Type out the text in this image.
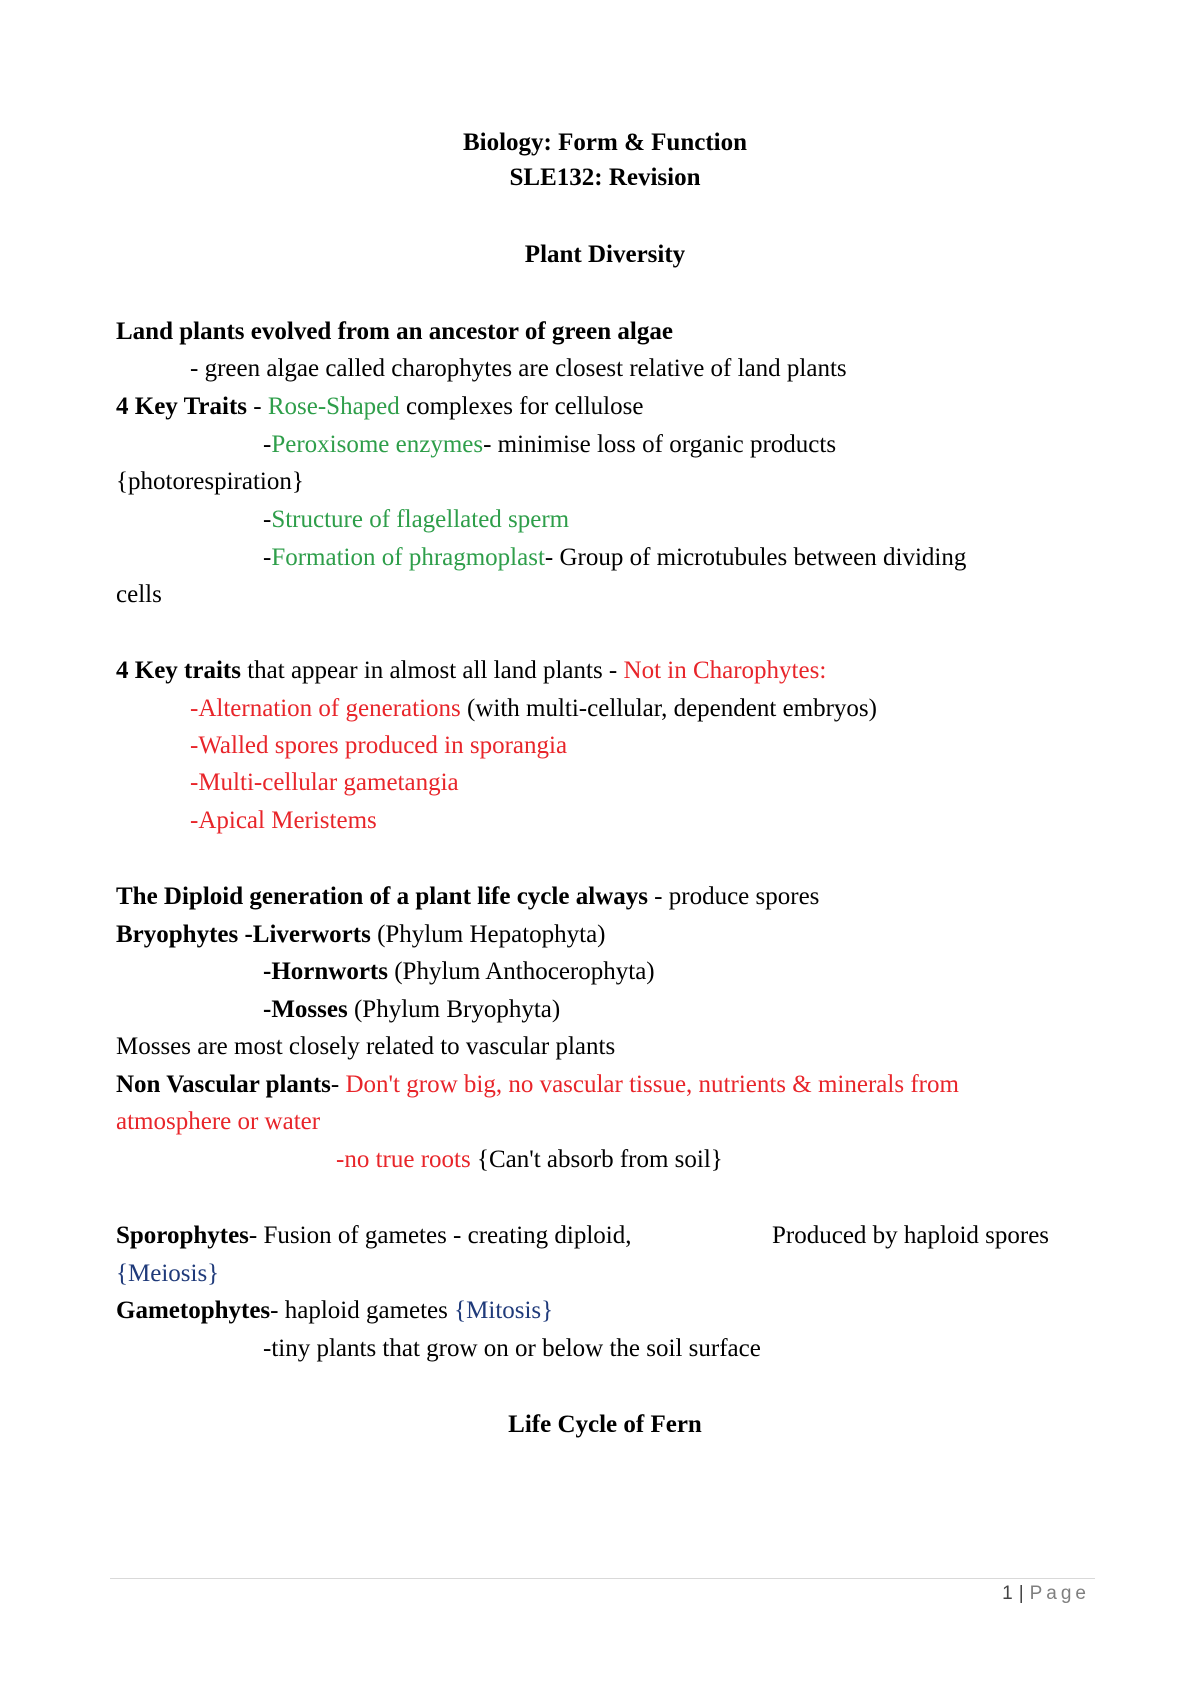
Biology: Form & Function
SLE132: Revision
Plant Diversity
Land plants evolved from an ancestor of green algae
- green algae called charophytes are closest relative of land plants
4 Key Traits - Rose-Shaped complexes for cellulose
-Peroxisome enzymes- minimise loss of organic products
{photorespiration}
-Structure of flagellated sperm
-Formation of phragmoplast- Group of microtubules between dividing
cells
4 Key traits that appear in almost all land plants - Not in Charophytes:
-Alternation of generations (with multi-cellular, dependent embryos)
-Walled spores produced in sporangia
-Multi-cellular gametangia
-Apical Meristems
The Diploid generation of a plant life cycle always - produce spores
Bryophytes -Liverworts (Phylum Hepatophyta)
-Hornworts (Phylum Anthocerophyta)
-Mosses (Phylum Bryophyta)
Mosses are most closely related to vascular plants
Non Vascular plants- Don't grow big, no vascular tissue, nutrients & minerals from
atmosphere or water
-no true roots {Can't absorb from soil}
Sporophytes- Fusion of gametes - creating diploid,	Produced by haploid spores
{Meiosis}
Gametophytes- haploid gametes {Mitosis}
-tiny plants that grow on or below the soil surface
Life Cycle of Fern
1 | Page
